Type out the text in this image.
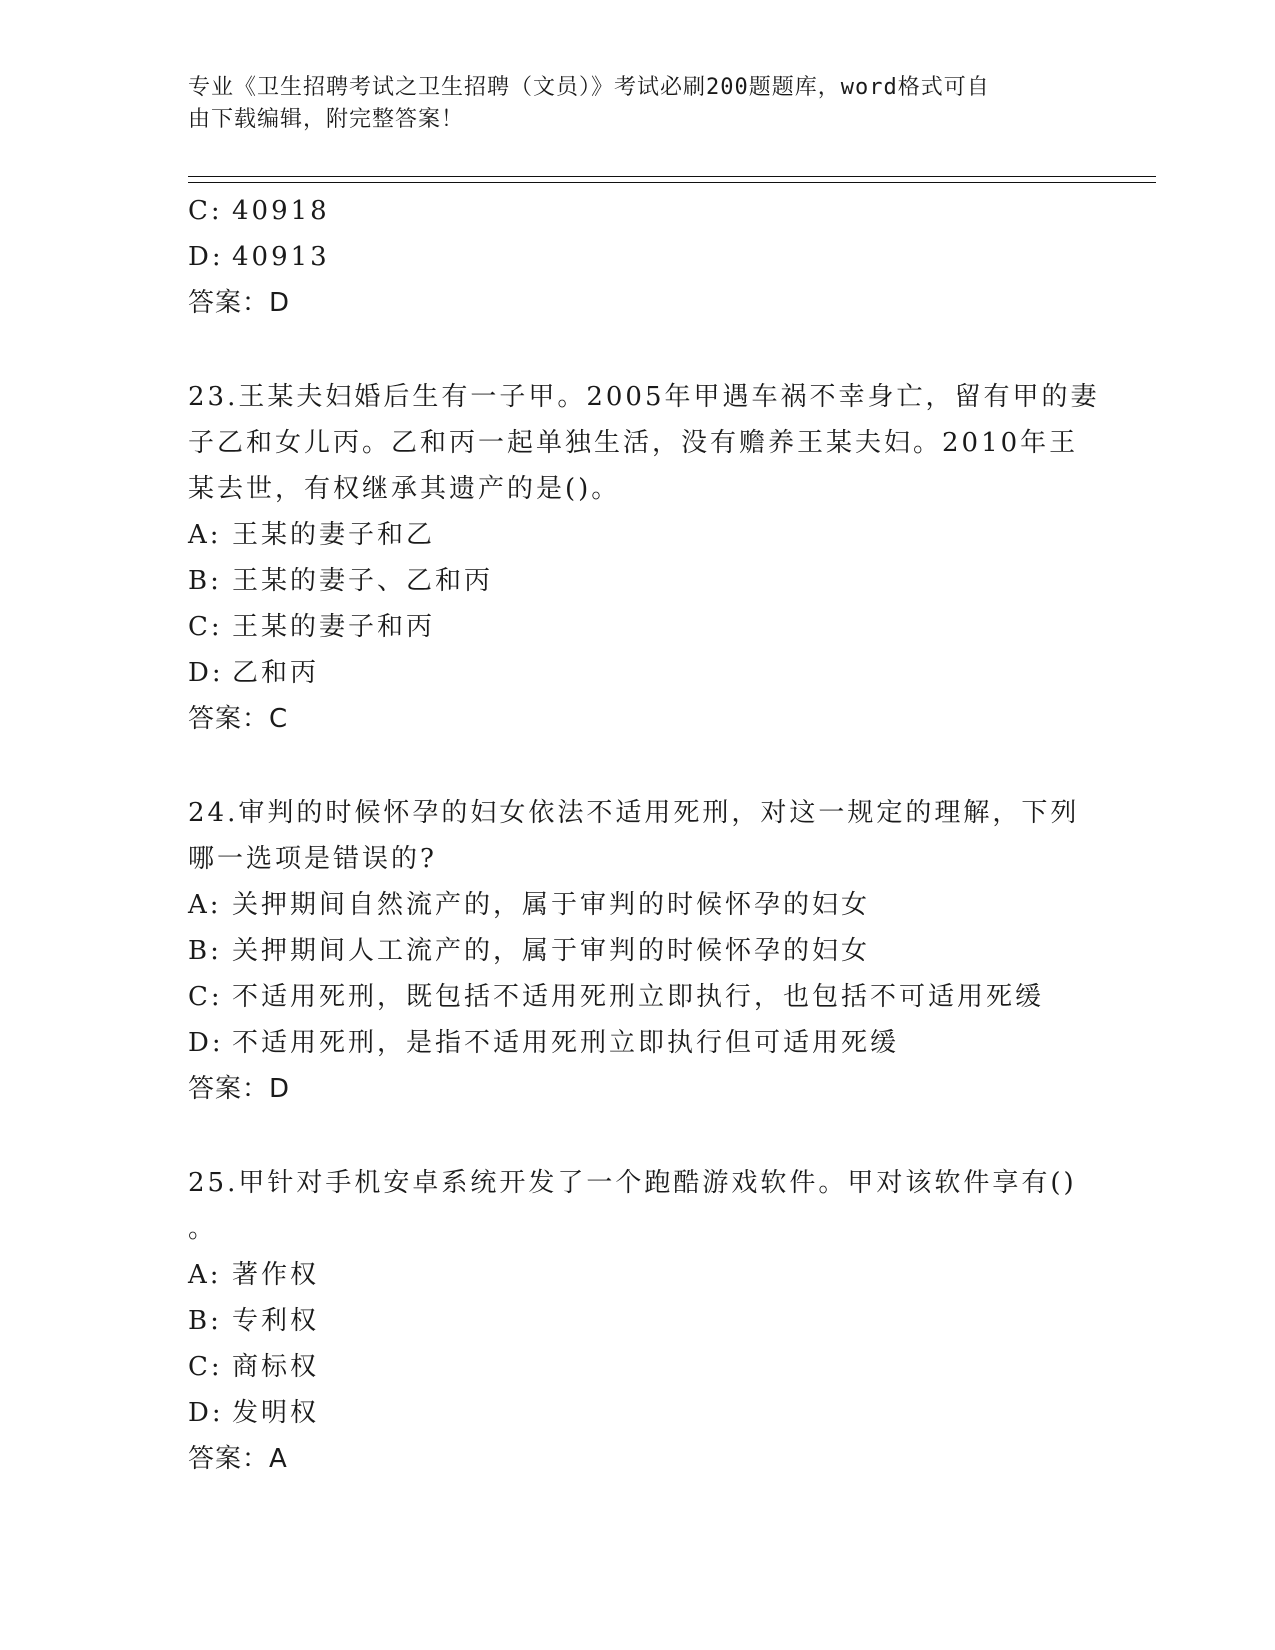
专业《卫生招聘考试之卫生招聘（文员）》考试必刷200题题库，word格式可自
由下载编辑，附完整答案！
C: 40918
D: 40913
答案：D
23.王某夫妇婚后生有一子甲。2005年甲遇车祸不幸身亡，留有甲的妻
子乙和女儿丙。乙和丙一起单独生活，没有赡养王某夫妇。2010年王
某去世，有权继承其遗产的是()。
A: 王某的妻子和乙
B: 王某的妻子、乙和丙
C: 王某的妻子和丙
D: 乙和丙
答案：C
24.审判的时候怀孕的妇女依法不适用死刑，对这一规定的理解，下列
哪一选项是错误的?
A: 关押期间自然流产的，属于审判的时候怀孕的妇女
B: 关押期间人工流产的，属于审判的时候怀孕的妇女
C: 不适用死刑，既包括不适用死刑立即执行，也包括不可适用死缓
D: 不适用死刑，是指不适用死刑立即执行但可适用死缓
答案：D
25.甲针对手机安卓系统开发了一个跑酷游戏软件。甲对该软件享有()
。
A: 著作权
B: 专利权
C: 商标权
D: 发明权
答案：A
